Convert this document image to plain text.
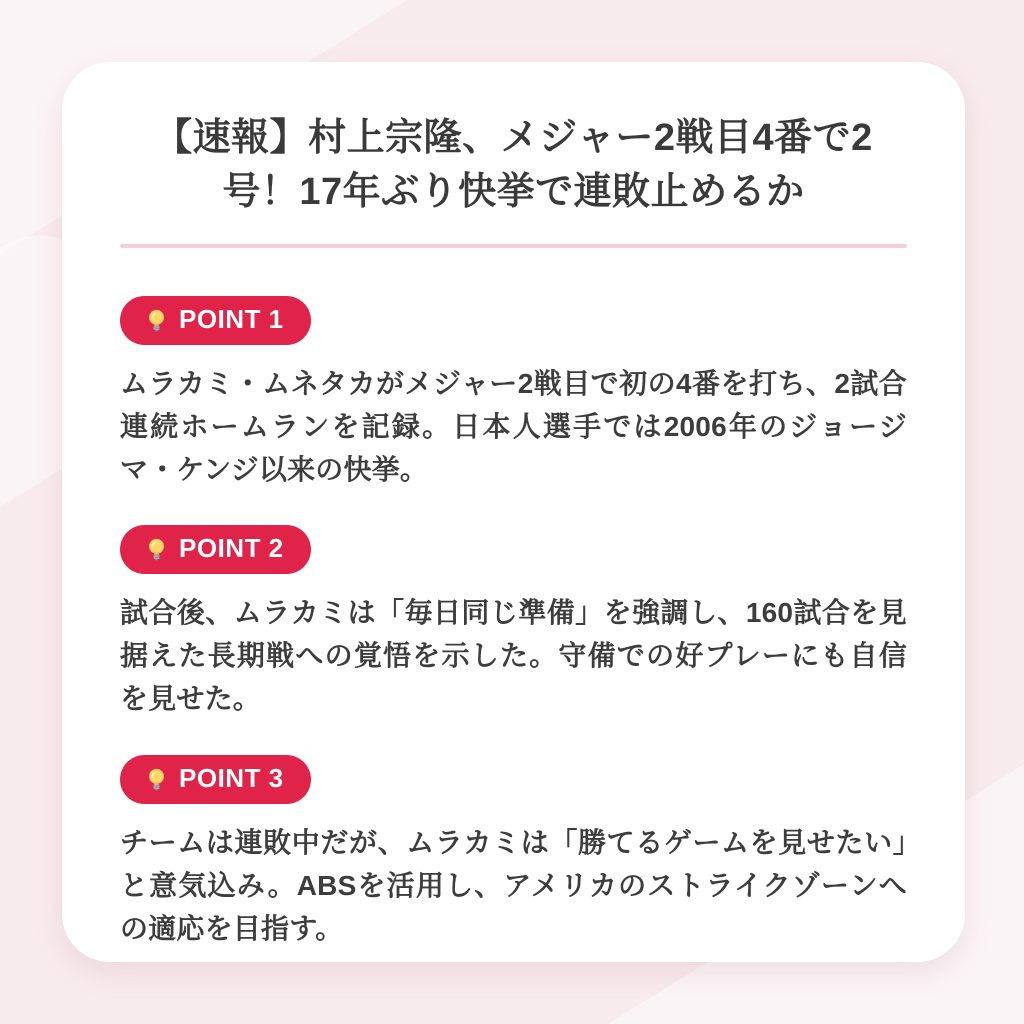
【速報】村上宗隆、メジャー2戦目4番で2号！17年ぶり快挙で連敗止めるか
POINT 1

ムラカミ・ムネタカがメジャー2戦目で初の4番を打ち、2試合連続ホームランを記録。日本人選手では2006年のジョージマ・ケンジ以来の快挙。

POINT 2

試合後、ムラカミは「毎日同じ準備」を強調し、160試合を見据えた長期戦への覚悟を示した。守備での好プレーにも自信を見せた。

POINT 3

チームは連敗中だが、ムラカミは「勝てるゲームを見せたい」と意気込み。ABSを活用し、アメリカのストライクゾーンへの適応を目指す。
